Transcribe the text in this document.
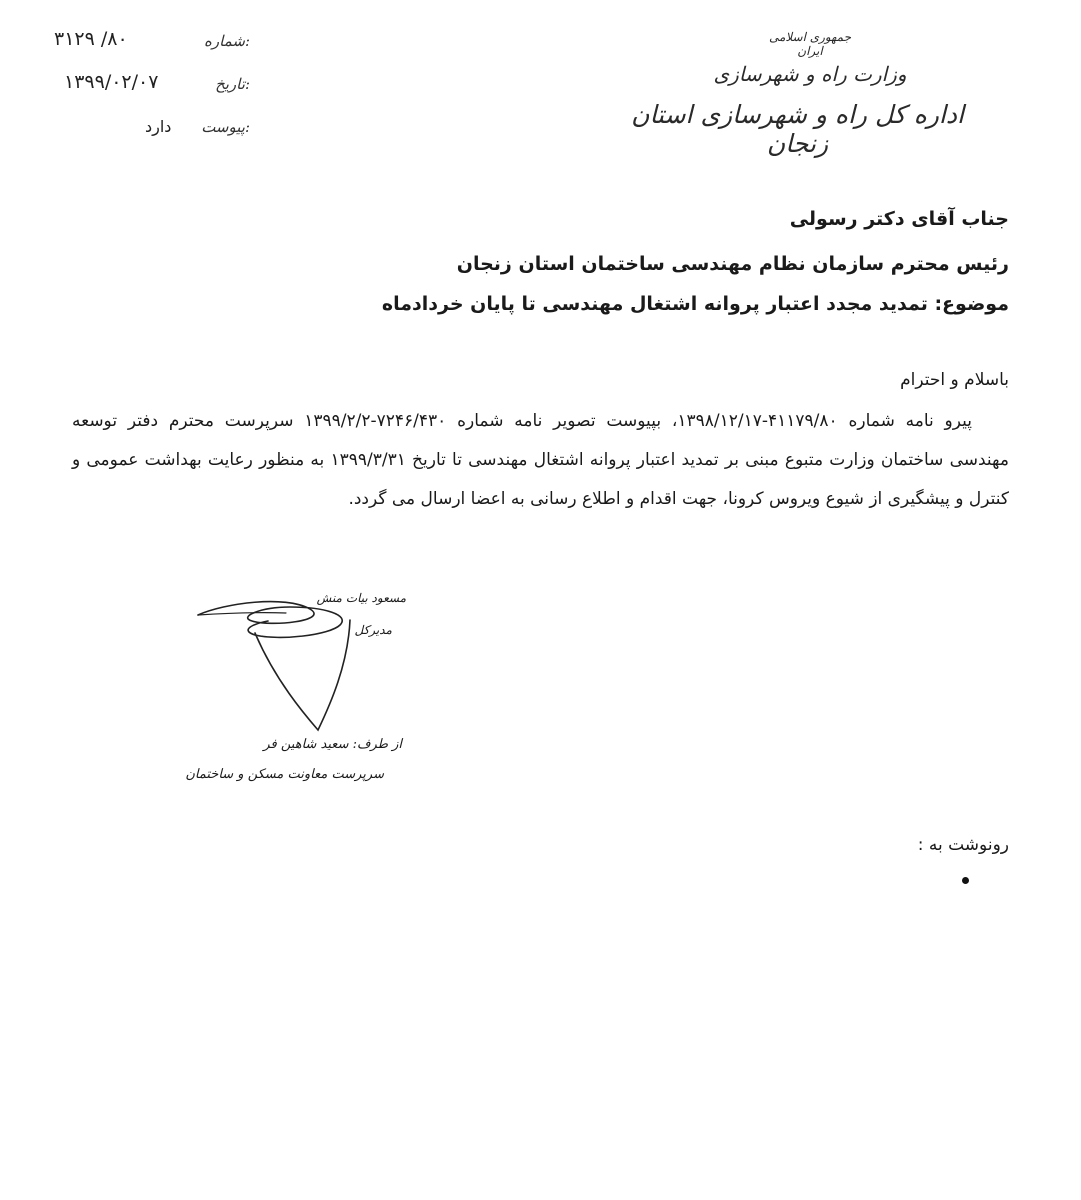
شماره:
۸۰/ ۳۱۲۹
تاریخ:
۱۳۹۹/۰۲/۰۷
پیوست:
دارد
جمهوری اسلامی ایران
وزارت راه و شهرسازی
اداره کل راه و شهرسازی استان زنجان
جناب آقای دکتر رسولی
رئیس محترم سازمان نظام مهندسی ساختمان استان زنجان
موضوع: تمدید مجدد اعتبار پروانه اشتغال مهندسی تا پایان خردادماه
باسلام و احترام
پیرو نامه شماره ۴۱۱۷۹/۸۰-۱۳۹۸/۱۲/۱۷، بپیوست تصویر نامه شماره ۷۲۴۶/۴۳۰-۱۳۹۹/۲/۲ سرپرست محترم دفتر توسعه مهندسی ساختمان وزارت متبوع مبنی بر تمدید اعتبار پروانه اشتغال مهندسی تا تاریخ ۱۳۹۹/۳/۳۱ به منظور رعایت بهداشت عمومی و کنترل و پیشگیری از شیوع ویروس کرونا، جهت اقدام و اطلاع رسانی به اعضا ارسال می گردد.
مسعود بیات منش
مدیرکل
از طرف: سعید شاهین فر
سرپرست معاونت مسکن و ساختمان
رونوشت به :
